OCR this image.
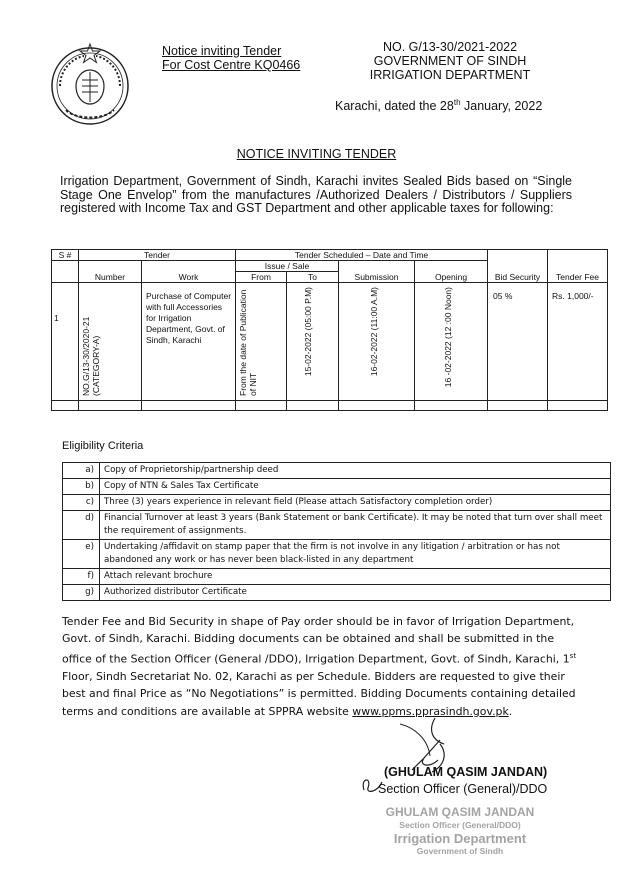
Notice inviting Tender
For Cost Centre KQ0466
NO. G/13-30/2021-2022
GOVERNMENT OF SINDH
IRRIGATION DEPARTMENT
Karachi, dated the 28th January, 2022
NOTICE INVITING TENDER
Irrigation Department, Government of Sindh, Karachi invites Sealed Bids based on “Single Stage One Envelop” from the manufactures /Authorized Dealers / Distributors / Suppliers registered with Income Tax and GST Department and other applicable taxes for following:
S #	Tender		Tender Scheduled – Date and Time				Bid Security	Tender Fee
	Number	Work	Issue / Sale		Submission	Opening		
			From	To				
1	NO.G/13-30/2020-21 (CATEGORY-A)	Purchase of Computer with full Accessories for Irrigation Department, Govt. of Sindh, Karachi	From the date of Publication of NIT	15-02-2022 (05:00 P.M)	16-02-2022 (11:00 A.M)	16 -02-2022 (12 :00 Noon)	05 %	Rs. 1,000/-

Eligibility Criteria
a)	Copy of Proprietorship/partnership deed
b)	Copy of NTN & Sales Tax Certificate
c)	Three (3) years experience in relevant field (Please attach Satisfactory completion order)
d)	Financial Turnover at least 3 years (Bank Statement or bank Certificate). It may be noted that turn over shall meet the requirement of assignments.
e)	Undertaking /affidavit on stamp paper that the firm is not involve in any litigation / arbitration or has not abandoned any work or has never been black-listed in any department
f)	Attach relevant brochure
g)	Authorized distributor Certificate
Tender Fee and Bid Security in shape of Pay order should be in favor of Irrigation Department, Govt. of Sindh, Karachi. Bidding documents can be obtained and shall be submitted in the office of the Section Officer (General /DDO), Irrigation Department, Govt. of Sindh, Karachi, 1st Floor, Sindh Secretariat No. 02, Karachi as per Schedule. Bidders are requested to give their best and final Price as “No Negotiations” is permitted. Bidding Documents containing detailed terms and conditions are available at SPPRA website www.ppms.pprasindh.gov.pk.
(GHULAM QASIM JANDAN)
Section Officer (General)/DDO
GHULAM QASIM JANDAN
Section Officer (General/DDO)
Irrigation Department
Government of Sindh
